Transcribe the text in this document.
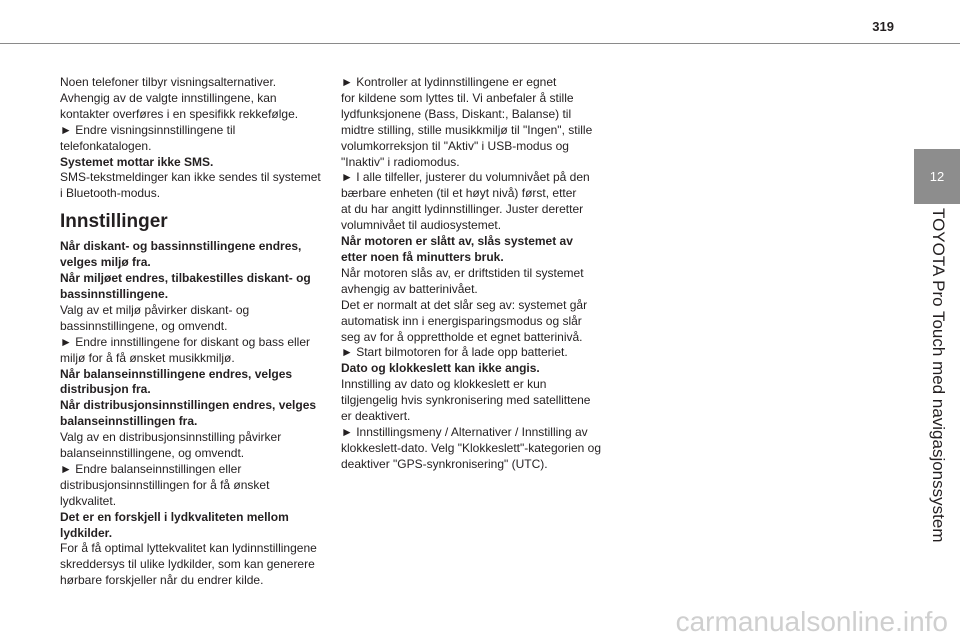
319
12
TOYOTA Pro Touch med navigasjonssystem
Noen telefoner tilbyr visningsalternativer.
Avhengig av de valgte innstillingene, kan
kontakter overføres i en spesifikk rekkefølge.
► Endre visningsinnstillingene til
telefonkatalogen.
Systemet mottar ikke SMS.
SMS-tekstmeldinger kan ikke sendes til systemet
i Bluetooth-modus.
Innstillinger
Når diskant- og bassinnstillingene endres,
velges miljø fra.
Når miljøet endres, tilbakestilles diskant- og
bassinnstillingene.
Valg av et miljø påvirker diskant- og
bassinnstillingene, og omvendt.
► Endre innstillingene for diskant og bass eller
miljø for å få ønsket musikkmiljø.
Når balanseinnstillingene endres, velges
distribusjon fra.
Når distribusjonsinnstillingen endres, velges
balanseinnstillingen fra.
Valg av en distribusjonsinnstilling påvirker
balanseinnstillingene, og omvendt.
► Endre balanseinnstillingen eller
distribusjonsinnstillingen for å få ønsket
lydkvalitet.
Det er en forskjell i lydkvaliteten mellom
lydkilder.
For å få optimal lyttekvalitet kan lydinnstillingene
skreddersys til ulike lydkilder, som kan generere
hørbare forskjeller når du endrer kilde.
► Kontroller at lydinnstillingene er egnet
for kildene som lyttes til. Vi anbefaler å stille
lydfunksjonene (Bass, Diskant:, Balanse) til
midtre stilling, stille musikkmiljø til "Ingen", stille
volumkorreksjon til "Aktiv" i USB-modus og
"Inaktiv" i radiomodus.
► I alle tilfeller, justerer du volumnivået på den
bærbare enheten (til et høyt nivå) først, etter
at du har angitt lydinnstillinger. Juster deretter
volumnivået til audiosystemet.
Når motoren er slått av, slås systemet av
etter noen få minutters bruk.
Når motoren slås av, er driftstiden til systemet
avhengig av batterinivået.
Det er normalt at det slår seg av: systemet går
automatisk inn i energisparingsmodus og slår
seg av for å opprettholde et egnet batterinivå.
► Start bilmotoren for å lade opp batteriet.
Dato og klokkeslett kan ikke angis.
Innstilling av dato og klokkeslett er kun
tilgjengelig hvis synkronisering med satellittene
er deaktivert.
► Innstillingsmeny / Alternativer / Innstilling av
klokkeslett-dato. Velg "Klokkeslett"-kategorien og
deaktiver "GPS-synkronisering" (UTC).
carmanualsonline.info
